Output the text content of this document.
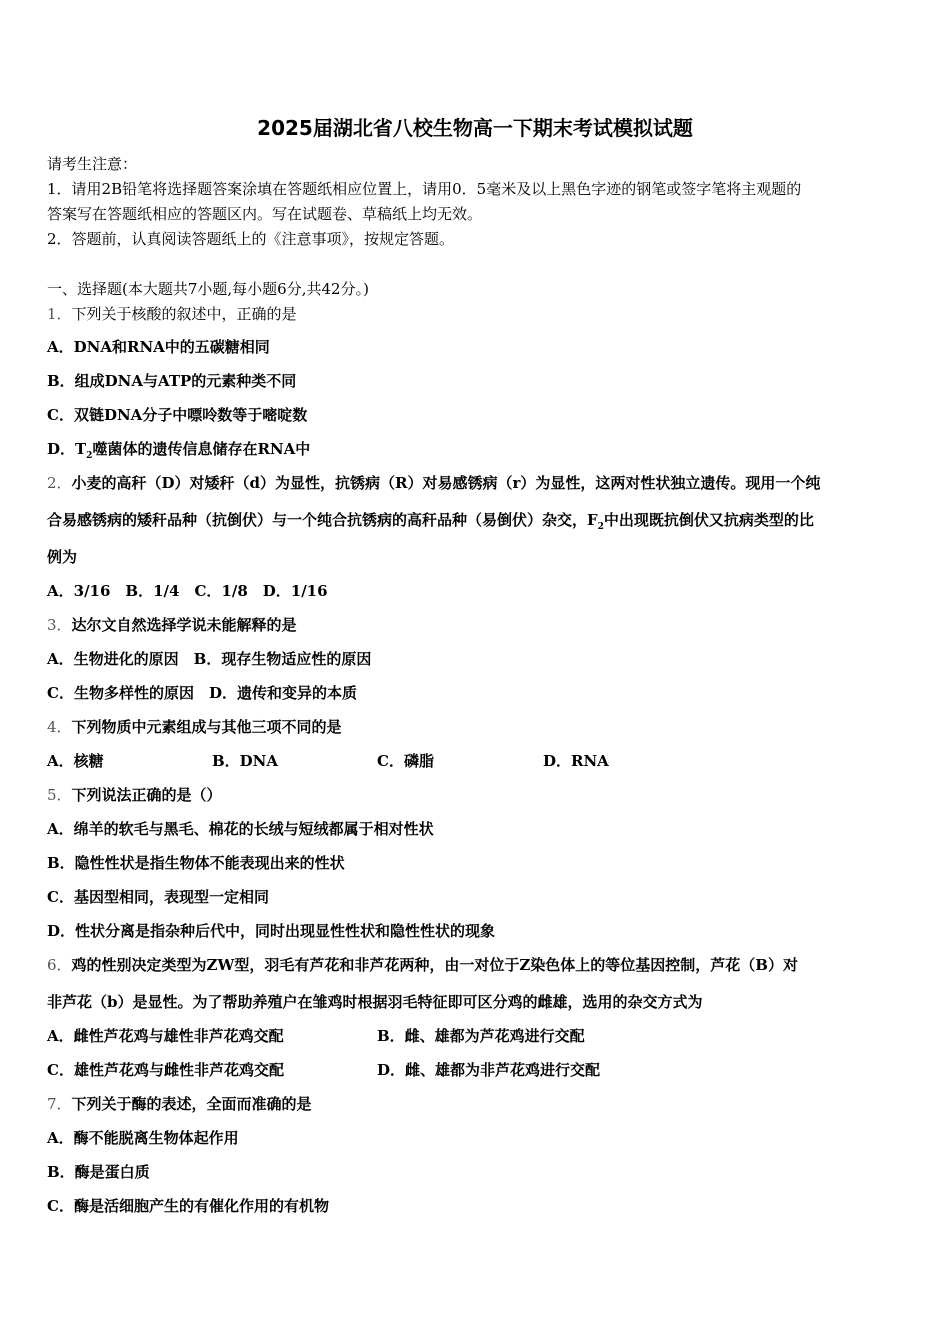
2025届湖北省八校生物高一下期末考试模拟试题
请考生注意：
1．请用2B铅笔将选择题答案涂填在答题纸相应位置上，请用0．5毫米及以上黑色字迹的钢笔或签字笔将主观题的
答案写在答题纸相应的答题区内。写在试题卷、草稿纸上均无效。
2．答题前，认真阅读答题纸上的《注意事项》，按规定答题。
一、选择题(本大题共7小题,每小题6分,共42分。)
1．下列关于核酸的叙述中，正确的是
A．DNA和RNA中的五碳糖相同
B．组成DNA与ATP的元素种类不同
C．双链DNA分子中嘌呤数等于嘧啶数
D．$T_2$噬菌体的遗传信息储存在RNA中
2．小麦的高秆（D）对矮秆（d）为显性，抗锈病（R）对易感锈病（r）为显性，这两对性状独立遗传。现用一个纯
合易感锈病的矮秆品种（抗倒伏）与一个纯合抗锈病的高秆品种（易倒伏）杂交，$F_2$中出现既抗倒伏又抗病类型的比
例为
A．3/16　B．1/4　C．1/8　D．1/16
3．达尔文自然选择学说未能解释的是
A．生物进化的原因　B．现存生物适应性的原因
C．生物多样性的原因　D．遗传和变异的本质
4．下列物质中元素组成与其他三项不同的是
A．核糖	B．DNA	C．磷脂	D．RNA
5．下列说法正确的是（）
A．绵羊的软毛与黑毛、棉花的长绒与短绒都属于相对性状
B．隐性性状是指生物体不能表现出来的性状
C．基因型相同，表现型一定相同
D．性状分离是指杂种后代中，同时出现显性性状和隐性性状的现象
6．鸡的性别决定类型为ZW型，羽毛有芦花和非芦花两种，由一对位于Z染色体上的等位基因控制，芦花（B）对
非芦花（b）是显性。为了帮助养殖户在雏鸡时根据羽毛特征即可区分鸡的雌雄，选用的杂交方式为
A．雌性芦花鸡与雄性非芦花鸡交配	B．雌、雄都为芦花鸡进行交配
C．雄性芦花鸡与雌性非芦花鸡交配	D．雌、雄都为非芦花鸡进行交配
7．下列关于酶的表述，全面而准确的是
A．酶不能脱离生物体起作用
B．酶是蛋白质
C．酶是活细胞产生的有催化作用的有机物
